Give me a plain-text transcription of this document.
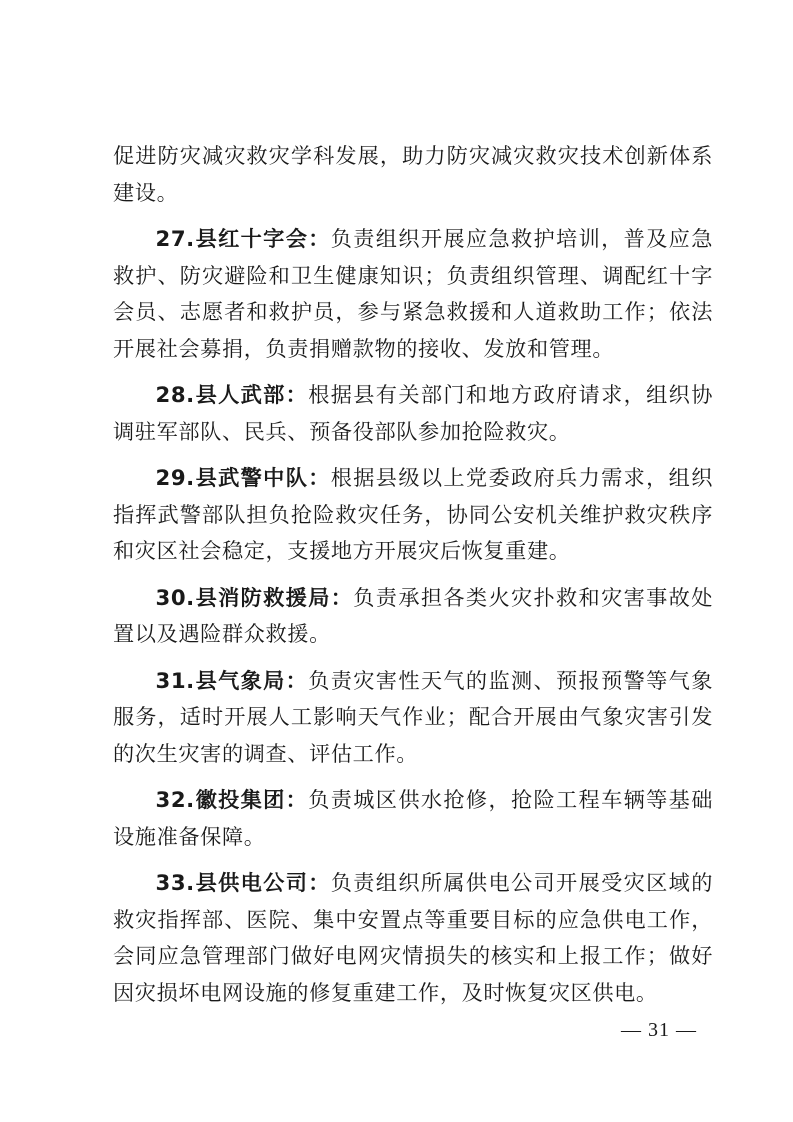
促进防灾减灾救灾学科发展，助力防灾减灾救灾技术创新体系建设。

27.县红十字会：负责组织开展应急救护培训，普及应急救护、防灾避险和卫生健康知识；负责组织管理、调配红十字会员、志愿者和救护员，参与紧急救援和人道救助工作；依法开展社会募捐，负责捐赠款物的接收、发放和管理。

28.县人武部：根据县有关部门和地方政府请求，组织协调驻军部队、民兵、预备役部队参加抢险救灾。

29.县武警中队：根据县级以上党委政府兵力需求，组织指挥武警部队担负抢险救灾任务，协同公安机关维护救灾秩序和灾区社会稳定，支援地方开展灾后恢复重建。

30.县消防救援局：负责承担各类火灾扑救和灾害事故处置以及遇险群众救援。

31.县气象局：负责灾害性天气的监测、预报预警等气象服务，适时开展人工影响天气作业；配合开展由气象灾害引发的次生灾害的调查、评估工作。

32.徽投集团：负责城区供水抢修，抢险工程车辆等基础设施准备保障。

33.县供电公司：负责组织所属供电公司开展受灾区域的救灾指挥部、医院、集中安置点等重要目标的应急供电工作，会同应急管理部门做好电网灾情损失的核实和上报工作；做好因灾损坏电网设施的修复重建工作，及时恢复灾区供电。

— 31 —
